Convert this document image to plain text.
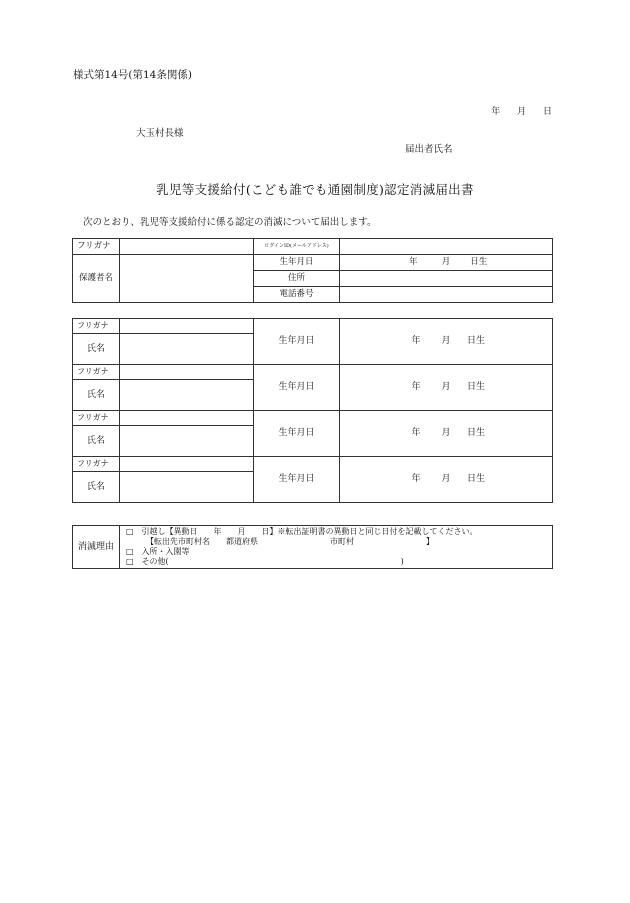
様式第14号(第14条関係)
年 月 日
大玉村長様
届出者氏名
乳児等支援給付(こども誰でも通園制度)認定消滅届出書
次のとおり、乳児等支援給付に係る認定の消滅について届出します。
フリガナ		ログインID(メールアドレス)	
保護者名		生年月日	年 月 日生
		住所	
		電話番号	
フリガナ		生年月日	年 月 日生
氏名			
フリガナ		生年月日	年 月 日生
氏名			
フリガナ		生年月日	年 月 日生
氏名			
フリガナ		生年月日	年 月 日生
氏名			
消滅理由	
□　引越し【異動日　　年　　月　　日】※転出証明書の異動日と同じ日付を記載してください。
　　　【転出先市町村名　　都道府県　　　　　　　　　市町村　　　　　　　　　】
□　入所・入園等
□　その他(　　　　　　　　　　　　　　　　　　　　　　　　　　　　　)
